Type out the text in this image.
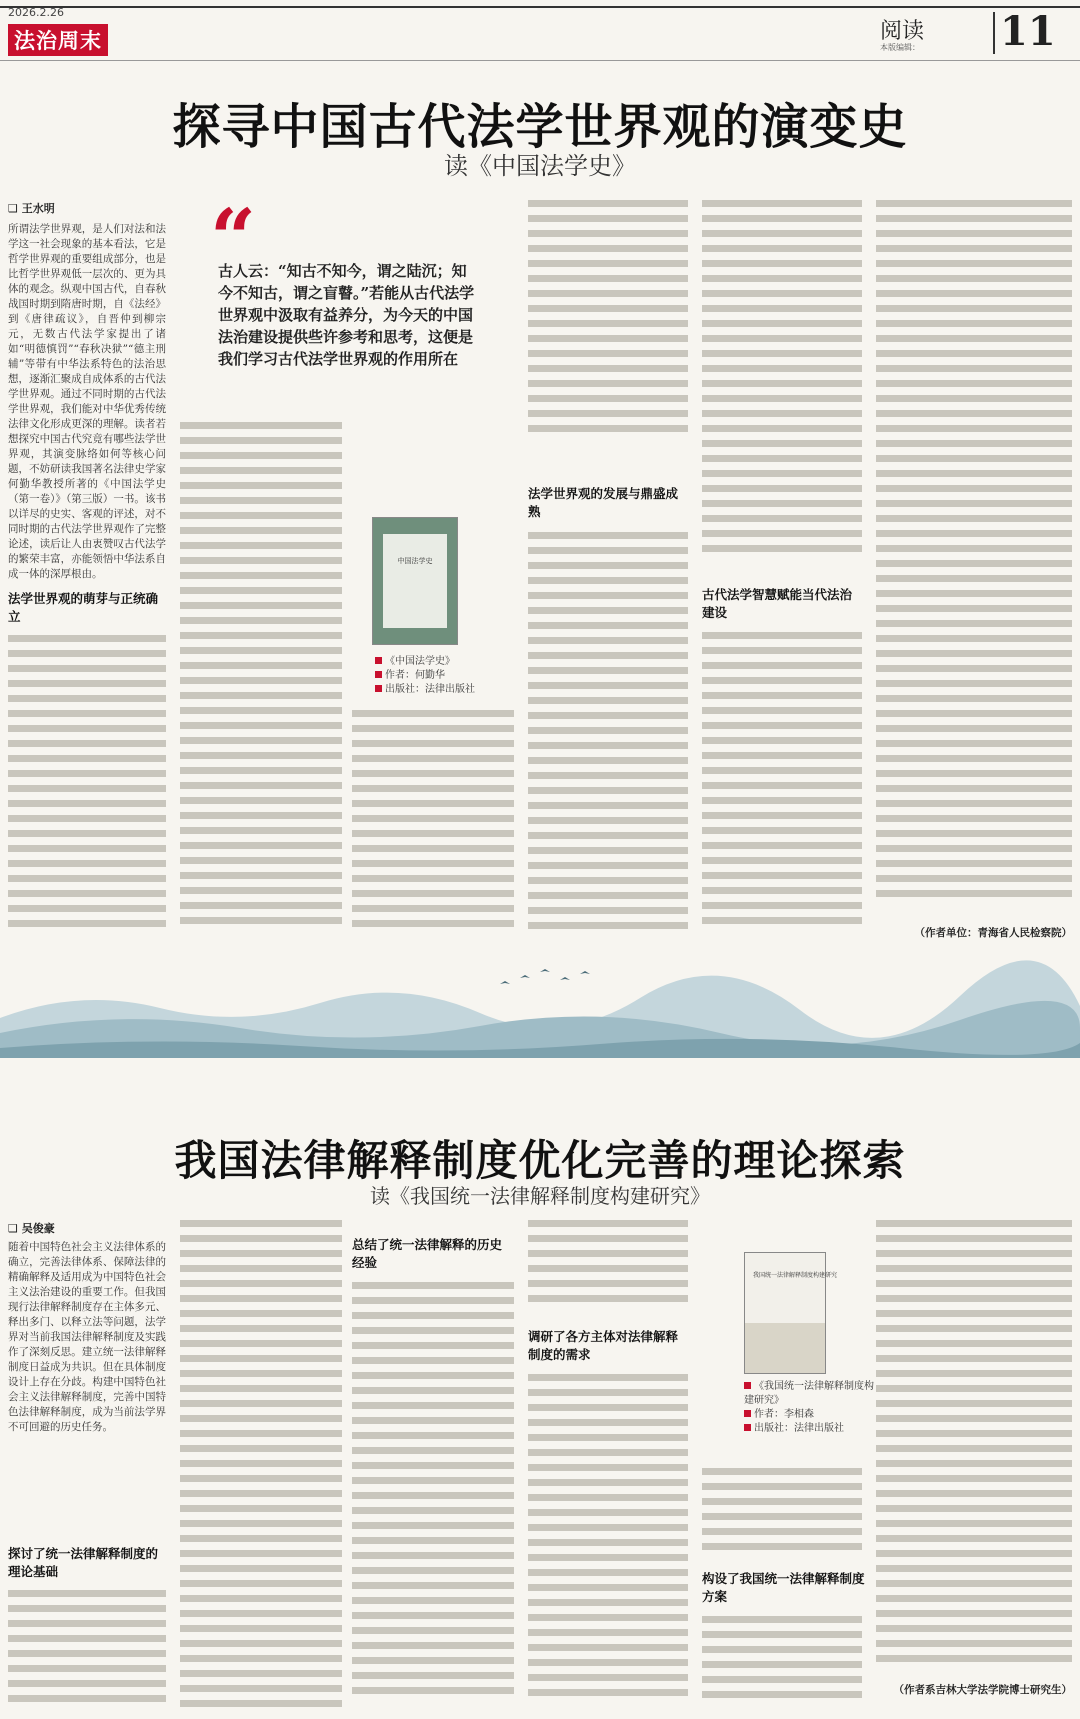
2026.2.26
法治周末	阅读
本版编辑： 11
探寻中国古代法学世界观的演变史
读《中国法学史》
❑ 王水明
所谓法学世界观，是人们对法和法学这一社会现象的基本看法，它是哲学世界观的重要组成部分，也是比哲学世界观低一层次的、更为具体的观念。纵观中国古代，自春秋战国时期到隋唐时期，自《法经》到《唐律疏议》，自晋仲到柳宗元，无数古代法学家提出了诸如“明德慎罚”“春秋决狱”“德主刑辅”等带有中华法系特色的法治思想，逐渐汇聚成自成体系的古代法学世界观。通过不同时期的古代法学世界观，我们能对中华优秀传统法律文化形成更深的理解。读者若想探究中国古代究竟有哪些法学世界观，其演变脉络如何等核心问题，不妨研读我国著名法律史学家何勤华教授所著的《中国法学史（第一卷）》（第三版）一书。该书以详尽的史实、客观的评述，对不同时期的古代法学世界观作了完整论述，读后让人由衷赞叹古代法学的繁荣丰富，亦能领悟中华法系自成一体的深厚根由。
法学世界观的萌芽与正统确立
“
古人云：“知古不知今，谓之陆沉；知今不知古，谓之盲瞽。”若能从古代法学世界观中汲取有益养分，为今天的中国法治建设提供些许参考和思考，这便是我们学习古代法学世界观的作用所在
中国法学史
《中国法学史》
作者：何勤华
出版社：法律出版社
法学世界观的发展与鼎盛成熟
古代法学智慧赋能当代法治建设
（作者单位：青海省人民检察院）
我国法律解释制度优化完善的理论探索
读《我国统一法律解释制度构建研究》
❑ 吴俊豪
随着中国特色社会主义法律体系的确立，完善法律体系、保障法律的精确解释及适用成为中国特色社会主义法治建设的重要工作。但我国现行法律解释制度存在主体多元、释出多门、以释立法等问题，法学界对当前我国法律解释制度及实践作了深刻反思。建立统一法律解释制度日益成为共识。但在具体制度设计上存在分歧。构建中国特色社会主义法律解释制度，完善中国特色法律解释制度，成为当前法学界不可回避的历史任务。
探讨了统一法律解释制度的理论基础
总结了统一法律解释的历史经验
调研了各方主体对法律解释制度的需求
我国统一法律解释制度构建研究
《我国统一法律解释制度构建研究》
作者：李相森
出版社：法律出版社
构设了我国统一法律解释制度方案
（作者系吉林大学法学院博士研究生）
